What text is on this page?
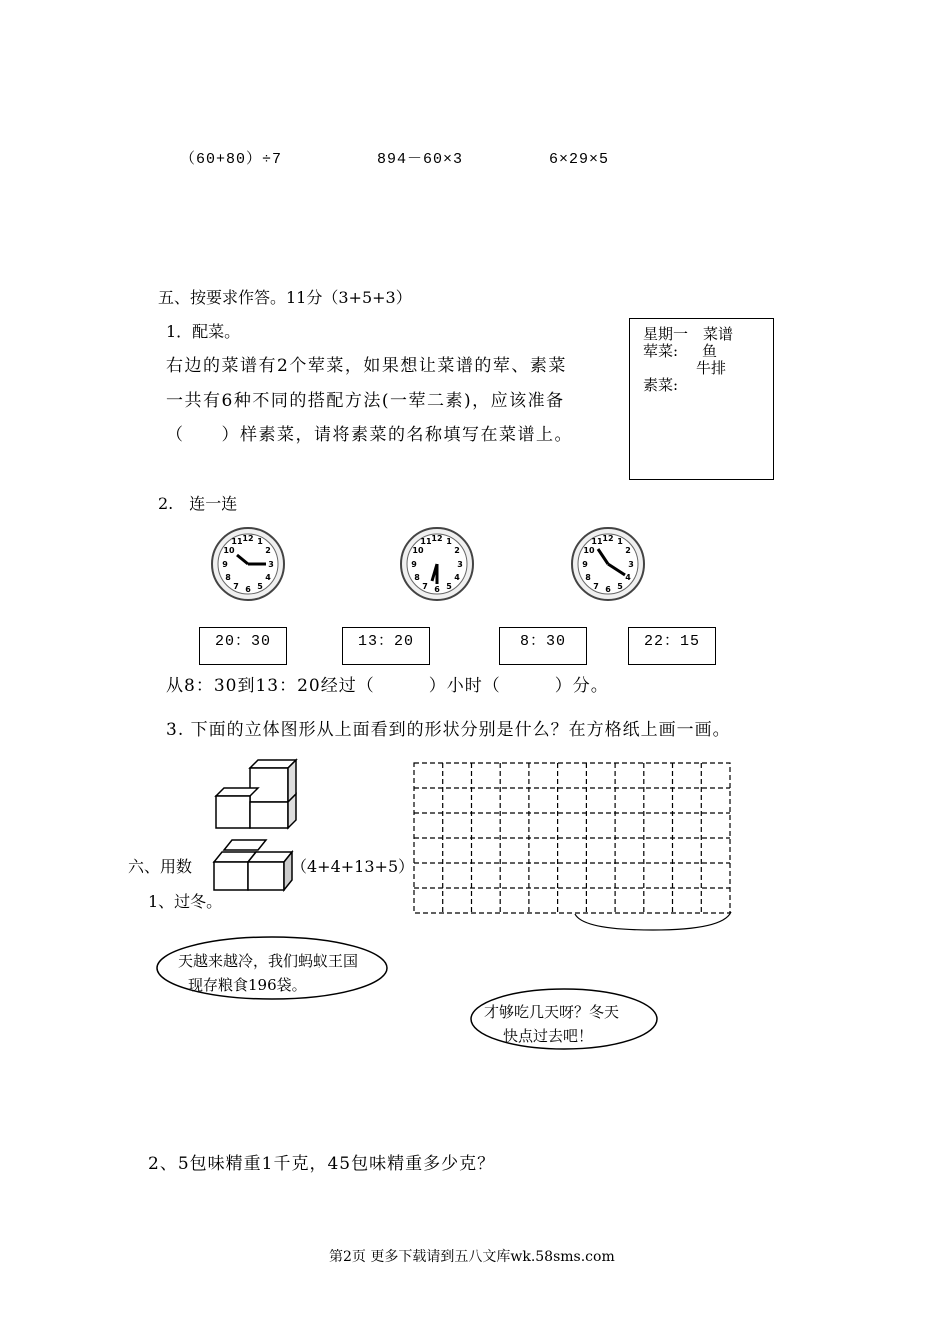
（60+80）÷7	894－60×3	6×29×5
五、按要求作答。11分（3+5+3）
1．配菜。
右边的菜谱有2个荤菜，如果想让菜谱的荤、素菜
一共有6种不同的搭配方法(一荤二素)，应该准备
（　　）样素菜，请将素菜的名称填写在菜谱上。
星期一　菜谱
荤菜: 鱼
牛排
素菜:
2.　连一连
12 1
2
3
4
5
6
7
8
9
10
11	12 1
2
3
4
5
6
7
8
9
10
11	12 1
2
3
4
5
6
7
8
9
10
11
20：30	13：20	8：30	22：15
从8：30到13：20经过（　　　）小时（　　　）分。
3. 下面的立体图形从上面看到的形状分别是什么？在方格纸上画一画。
六、用数	（4+4+13+5）
1、过冬。
天越来越冷，我们蚂蚁王国
现存粮食196袋。
才够吃几天呀？冬天
快点过去吧！
2、5包味精重1千克，45包味精重多少克？
第2页 更多下载请到五八文库wk.58sms.com
